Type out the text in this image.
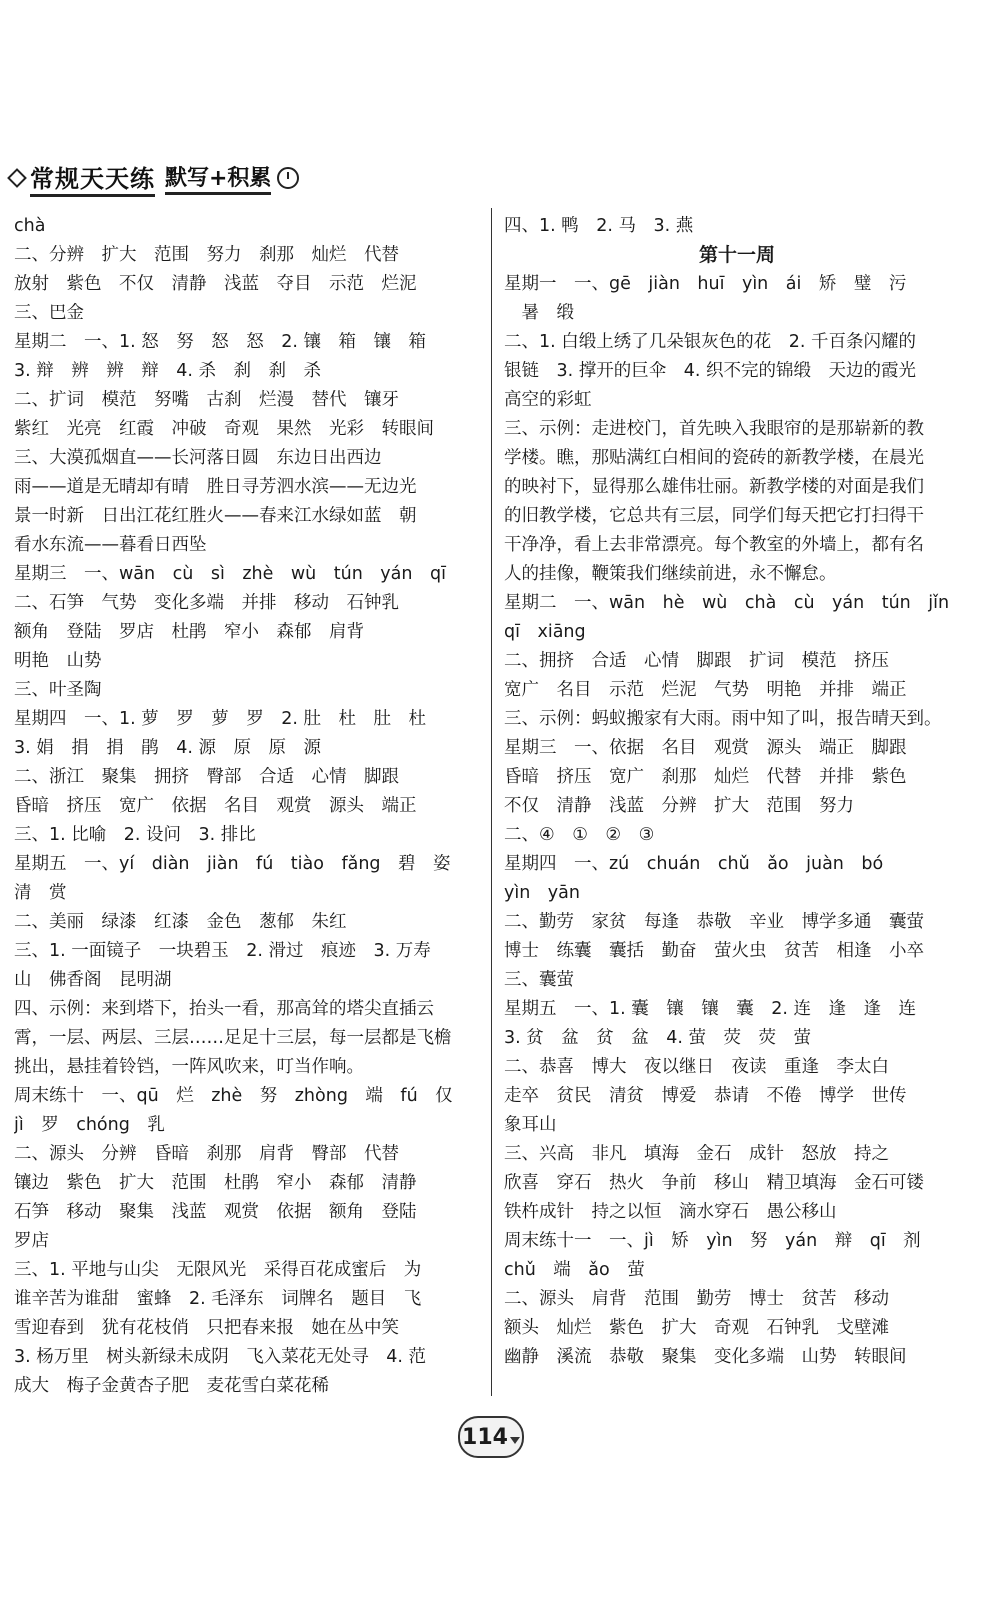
常规天天练 默写+积累
chà
二、分辨　扩大　范围　努力　刹那　灿烂　代替
放射　紫色　不仅　清静　浅蓝　夺目　示范　烂泥
三、巴金
星期二　一、1. 怒　努　怒　怒　2. 镶　箱　镶　箱
3. 辩　辨　辨　辩　4. 杀　刹　刹　杀
二、扩词　模范　努嘴　古刹　烂漫　替代　镶牙
紫红　光亮　红霞　冲破　奇观　果然　光彩　转眼间
三、大漠孤烟直——长河落日圆　东边日出西边
雨——道是无晴却有晴　胜日寻芳泗水滨——无边光
景一时新　日出江花红胜火——春来江水绿如蓝　朝
看水东流——暮看日西坠
星期三　一、wān　cù　sì　zhè　wù　tún　yán　qī
二、石笋　气势　变化多端　并排　移动　石钟乳
额角　登陆　罗店　杜鹃　窄小　森郁　肩背
明艳　山势
三、叶圣陶
星期四　一、1. 萝　罗　萝　罗　2. 肚　杜　肚　杜
3. 娟　捐　捐　鹃　4. 源　原　原　源
二、浙江　聚集　拥挤　臀部　合适　心情　脚跟
昏暗　挤压　宽广　依据　名目　观赏　源头　端正
三、1. 比喻　2. 设问　3. 排比
星期五　一、yí　diàn　jiàn　fú　tiào　fǎng　碧　姿
清　赏
二、美丽　绿漆　红漆　金色　葱郁　朱红
三、1. 一面镜子　一块碧玉　2. 滑过　痕迹　3. 万寿
山　佛香阁　昆明湖
四、示例：来到塔下，抬头一看，那高耸的塔尖直插云
霄，一层、两层、三层……足足十三层，每一层都是飞檐
挑出，悬挂着铃铛，一阵风吹来，叮当作响。
周末练十　一、qū　烂　zhè　努　zhòng　端　fú　仅
jì　罗　chóng　乳
二、源头　分辨　昏暗　刹那　肩背　臀部　代替
镶边　紫色　扩大　范围　杜鹃　窄小　森郁　清静
石笋　移动　聚集　浅蓝　观赏　依据　额角　登陆
罗店
三、1. 平地与山尖　无限风光　采得百花成蜜后　为
谁辛苦为谁甜　蜜蜂　2. 毛泽东　词牌名　题目　飞
雪迎春到　犹有花枝俏　只把春来报　她在丛中笑
3. 杨万里　树头新绿未成阴　飞入菜花无处寻　4. 范
成大　梅子金黄杏子肥　麦花雪白菜花稀
四、1. 鸭　2. 马　3. 燕
第十一周
星期一　一、gē　jiàn　huī　yìn　ái　矫　璧　污
　暑　缎
二、1. 白缎上绣了几朵银灰色的花　2. 千百条闪耀的
银链　3. 撑开的巨伞　4. 织不完的锦缎　天边的霞光
高空的彩虹
三、示例：走进校门，首先映入我眼帘的是那崭新的教
学楼。瞧，那贴满红白相间的瓷砖的新教学楼，在晨光
的映衬下，显得那么雄伟壮丽。新教学楼的对面是我们
的旧教学楼，它总共有三层，同学们每天把它打扫得干
干净净，看上去非常漂亮。每个教室的外墙上，都有名
人的挂像，鞭策我们继续前进，永不懈怠。
星期二　一、wān　hè　wù　chà　cù　yán　tún　jǐn
qī　xiāng
二、拥挤　合适　心情　脚跟　扩词　模范　挤压
宽广　名目　示范　烂泥　气势　明艳　并排　端正
三、示例：蚂蚁搬家有大雨。雨中知了叫，报告晴天到。
星期三　一、依据　名目　观赏　源头　端正　脚跟
昏暗　挤压　宽广　刹那　灿烂　代替　并排　紫色
不仅　清静　浅蓝　分辨　扩大　范围　努力
二、④　①　②　③
星期四　一、zú　chuán　chǔ　ǎo　juàn　bó
yìn　yān
二、勤劳　家贫　每逢　恭敬　辛业　博学多通　囊萤
博士　练囊　囊括　勤奋　萤火虫　贫苦　相逢　小卒
三、囊萤
星期五　一、1. 囊　镶　镶　囊　2. 连　逢　逢　连
3. 贫　盆　贫　盆　4. 萤　荧　荧　萤
二、恭喜　博大　夜以继日　夜读　重逢　李太白
走卒　贫民　清贫　博爱　恭请　不倦　博学　世传
象耳山
三、兴高　非凡　填海　金石　成针　怒放　持之
欣喜　穿石　热火　争前　移山　精卫填海　金石可镂
铁杵成针　持之以恒　滴水穿石　愚公移山
周末练十一　一、jì　矫　yìn　努　yán　辩　qī　剂
chǔ　端　ǎo　萤
二、源头　肩背　范围　勤劳　博士　贫苦　移动
额头　灿烂　紫色　扩大　奇观　石钟乳　戈壁滩
幽静　溪流　恭敬　聚集　变化多端　山势　转眼间
114
